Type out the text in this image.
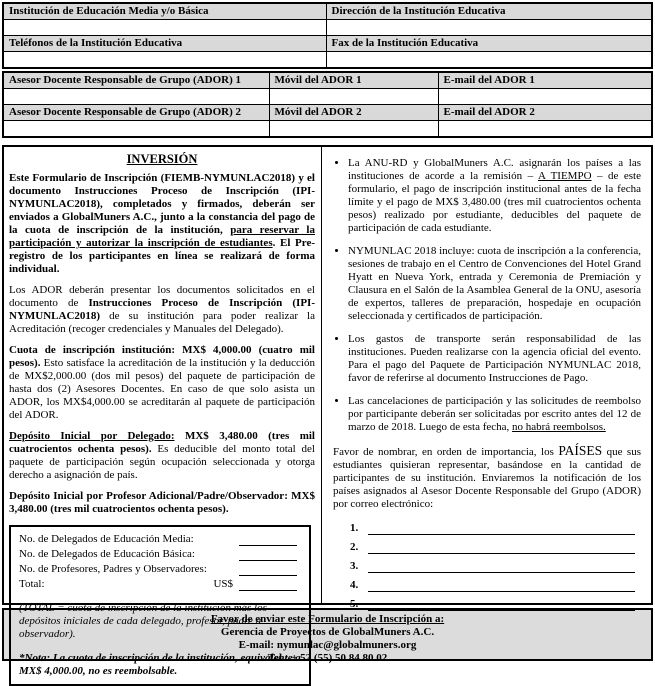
Institución de Educación Media y/o Básica	Dirección de la Institución Educativa

Teléfonos de la Institución Educativa	Fax de la Institución Educativa

Asesor Docente Responsable de Grupo (ADOR) 1	Móvil del ADOR 1	E-mail del ADOR 1

Asesor Docente Responsable de Grupo (ADOR) 2	Móvil del ADOR 2	E-mail del ADOR 2

INVERSIÓN

Este Formulario de Inscripción (FIEMB-NYMUNLAC2018) y el documento Instrucciones Proceso de Inscripción (IPI-NYMUNLAC2018), completados y firmados, deberán ser enviados a GlobalMuners A.C., junto a la constancia del pago de la cuota de inscripción de la institución, para reservar la participación y autorizar la inscripción de estudiantes. El Pre-registro de los participantes en línea se realizará de forma individual.

Los ADOR deberán presentar los documentos solicitados en el documento de Instrucciones Proceso de Inscripción (IPI-NYMUNLAC2018) de su institución para poder realizar la Acreditación (recoger credenciales y Manuales del Delegado).

Cuota de inscripción institución: MX$ 4,000.00 (cuatro mil pesos). Esto satisface la acreditación de la institución y la deducción de MX$2,000.00 (dos mil pesos) del paquete de participación de hasta dos (2) Asesores Docentes. En caso de que solo asista un ADOR, los MX$4,000.00 se acreditarán al paquete de participación del ADOR.

Depósito Inicial por Delegado: MX$ 3,480.00 (tres mil cuatrocientos ochenta pesos). Es deducible del monto total del paquete de participación según ocupación seleccionada y otorga derecho a asignación de país.

Depósito Inicial por Profesor Adicional/Padre/Observador: MX$ 3,480.00 (tres mil cuatrocientos ochenta pesos).

No. de Delegados de Educación Media:
No. de Delegados de Educación Básica:
No. de Profesores, Padres y Observadores:
Total:	US$
(TOTAL = cuota de inscripción de la institución más los depósitos iniciales de cada delegado, profesor, padre u observador).
*Nota: La cuota de inscripción de la institución, equivalente a MX$ 4,000.00, no es reembolsable.
• La ANU-RD y GlobalMuners A.C. asignarán los países a las instituciones de acorde a la remisión – A TIEMPO – de este formulario, el pago de inscripción institucional antes de la fecha límite y el pago de MX$ 3,480.00 (tres mil cuatrocientos ochenta pesos) realizado por estudiante, deducibles del paquete de participación de cada estudiante.
• NYMUNLAC 2018 incluye: cuota de inscripción a la conferencia, sesiones de trabajo en el Centro de Convenciones del Hotel Grand Hyatt en Nueva York, entrada y Ceremonia de Premiación y Clausura en el Salón de la Asamblea General de la ONU, asesoría de expertos, talleres de preparación, hospedaje en ocupación seleccionada y certificados de participación.
• Los gastos de transporte serán responsabilidad de las instituciones. Pueden realizarse con la agencia oficial del evento. Para el pago del Paquete de Participación NYMUNLAC 2018, favor de referirse al documento Instrucciones de Pago.
• Las cancelaciones de participación y las solicitudes de reembolso por participante deberán ser solicitadas por escrito antes del 12 de marzo de 2018. Luego de esta fecha, no habrá reembolsos.

Favor de nombrar, en orden de importancia, los PAÍSES que sus estudiantes quisieran representar, basándose en la cantidad de participantes de su institución. Enviaremos la notificación de los países asignados al Asesor Docente Responsable del Grupo (ADOR) por correo electrónico:

1.
2.
3.
4.
5.
Favor de enviar este Formulario de Inscripción a:
Gerencia de Proyectos de GlobalMuners A.C.
E-mail: nymunlac@globalmuners.org
Tel.: + 52 (55) 50.84.80.02
